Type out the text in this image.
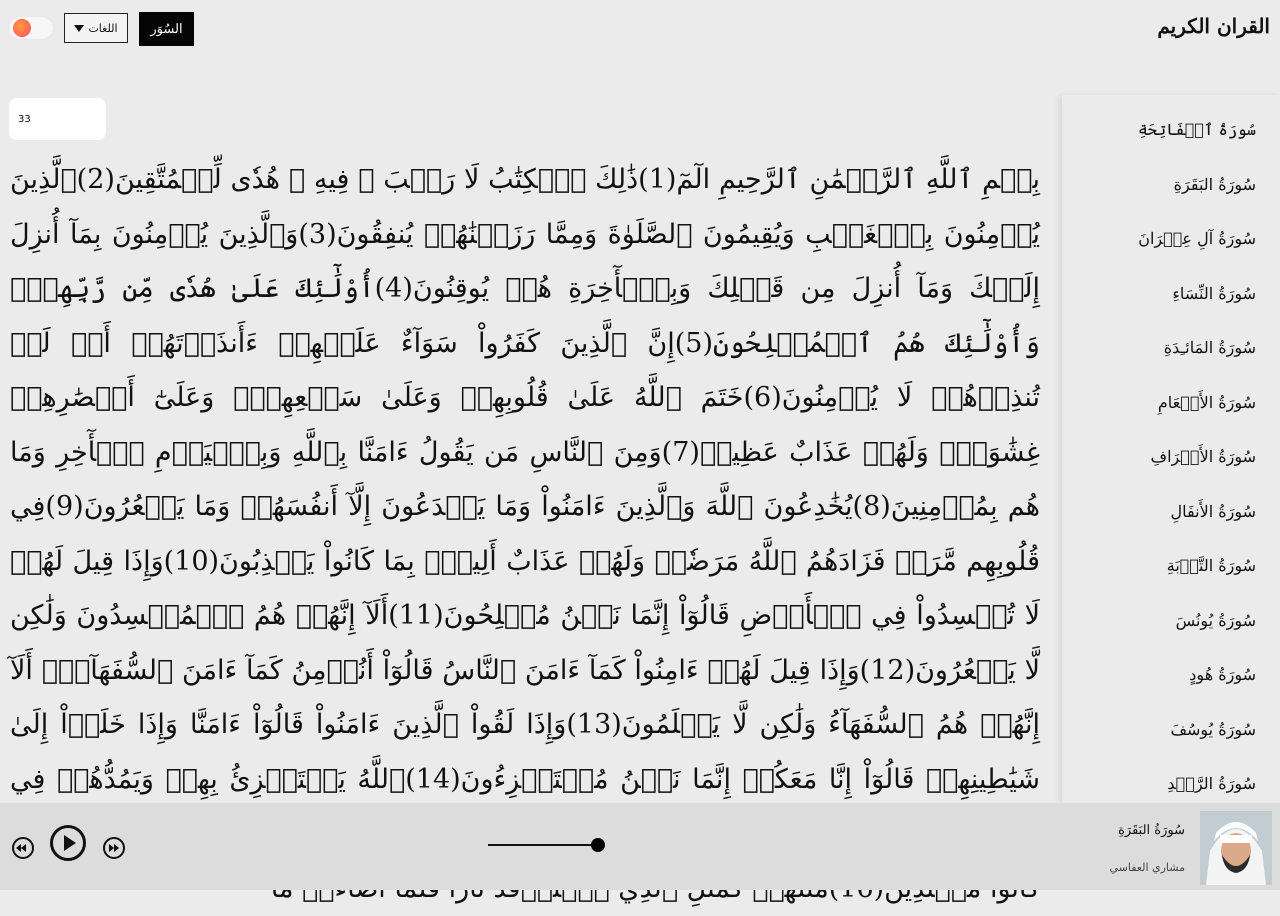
اللغات	السُوَر	القران الكريم
33
بِسۡمِ ٱللَّهِ ٱلرَّحۡمَٰنِ ٱلرَّحِيمِ الٓمٓ(1)ذَٰلِكَ ٱلۡكِتَٰبُ لَا رَيۡبَ ۛ فِيهِ ۛ هُدٗى لِّلۡمُتَّقِينَ(2)ٱلَّذِينَ يُؤۡمِنُونَ بِٱلۡغَيۡبِ وَيُقِيمُونَ ٱلصَّلَوٰةَ وَمِمَّا رَزَقۡنَٰهُمۡ يُنفِقُونَ(3)وَٱلَّذِينَ يُؤۡمِنُونَ بِمَآ أُنزِلَ إِلَيۡكَ وَمَآ أُنزِلَ مِن قَبۡلِكَ وَبِٱلۡأٓخِرَةِ هُمۡ يُوقِنُونَ(4)أُوْلَٰٓئِكَ عَلَىٰ هُدٗى مِّن رَّبِّهِمۡۖ وَأُوْلَٰٓئِكَ هُمُ ٱلۡمُفۡلِحُونَ(5)إِنَّ ٱلَّذِينَ كَفَرُواْ سَوَآءٌ عَلَيۡهِمۡ ءَأَنذَرۡتَهُمۡ أَمۡ لَمۡ تُنذِرۡهُمۡ لَا يُؤۡمِنُونَ(6)خَتَمَ ٱللَّهُ عَلَىٰ قُلُوبِهِمۡ وَعَلَىٰ سَمۡعِهِمۡۖ وَعَلَىٰٓ أَبۡصَٰرِهِمۡ غِشَٰوَةٞۖ وَلَهُمۡ عَذَابٌ عَظِيمٞ(7)وَمِنَ ٱلنَّاسِ مَن يَقُولُ ءَامَنَّا بِٱللَّهِ وَبِٱلۡيَوۡمِ ٱلۡأٓخِرِ وَمَا هُم بِمُؤۡمِنِينَ(8)يُخَٰدِعُونَ ٱللَّهَ وَٱلَّذِينَ ءَامَنُواْ وَمَا يَخۡدَعُونَ إِلَّآ أَنفُسَهُمۡ وَمَا يَشۡعُرُونَ(9)فِي قُلُوبِهِم مَّرَضٞ فَزَادَهُمُ ٱللَّهُ مَرَضٗاۖ وَلَهُمۡ عَذَابٌ أَلِيمُۢ بِمَا كَانُواْ يَكۡذِبُونَ(10)وَإِذَا قِيلَ لَهُمۡ لَا تُفۡسِدُواْ فِي ٱلۡأَرۡضِ قَالُوٓاْ إِنَّمَا نَحۡنُ مُصۡلِحُونَ(11)أَلَآ إِنَّهُمۡ هُمُ ٱلۡمُفۡسِدُونَ وَلَٰكِن لَّا يَشۡعُرُونَ(12)وَإِذَا قِيلَ لَهُمۡ ءَامِنُواْ كَمَآ ءَامَنَ ٱلنَّاسُ قَالُوٓاْ أَنُؤۡمِنُ كَمَآ ءَامَنَ ٱلسُّفَهَآءُۗ أَلَآ إِنَّهُمۡ هُمُ ٱلسُّفَهَآءُ وَلَٰكِن لَّا يَعۡلَمُونَ(13)وَإِذَا لَقُواْ ٱلَّذِينَ ءَامَنُواْ قَالُوٓاْ ءَامَنَّا وَإِذَا خَلَوۡاْ إِلَىٰ شَيَٰطِينِهِمۡ قَالُوٓاْ إِنَّا مَعَكُمۡ إِنَّمَا نَحۡنُ مُسۡتَهۡزِءُونَ(14)ٱللَّهُ يَسۡتَهۡزِئُ بِهِمۡ وَيَمُدُّهُمۡ فِي
سُورَةُ ٱلۡفَاتِحَةِ
سُورَةُ البَقَرَةِ
سُورَةُ آلِ عِمۡرَانَ
سُورَةُ النِّسَاءِ
سُورَةُ المَائـِدَةِ
سُورَةُ الأَنۡعَامِ
سُورَةُ الأَعۡرَافِ
سُورَةُ الأَنفَالِ
سُورَةُ التَّوۡبَةِ
سُورَةُ يُونُسَ
سُورَةُ هُودٍ
سُورَةُ يُوسُفَ
سُورَةُ الرَّعۡدِ
سُورَةُ البَقَرَةِ
مشاري العفاسي
